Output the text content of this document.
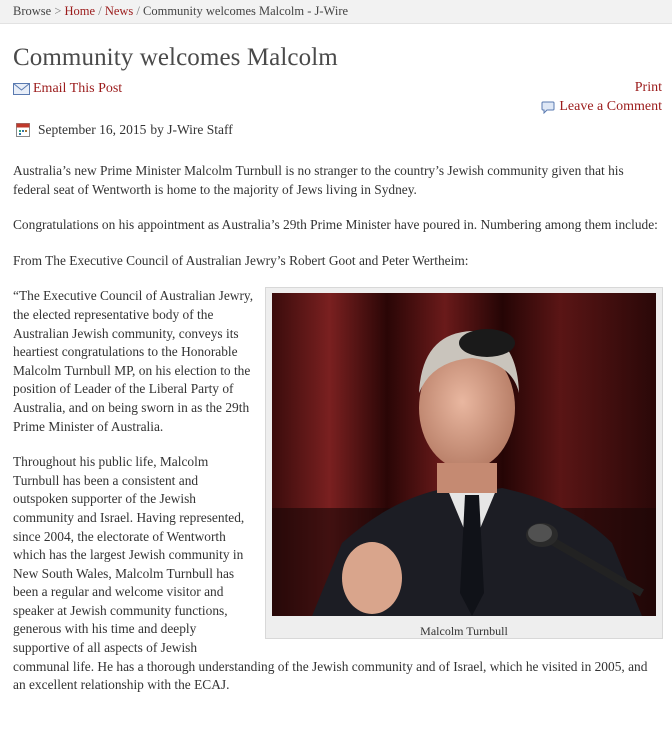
Browse > Home / News / Community welcomes Malcolm - J-Wire
Community welcomes Malcolm
Email This Post	Print
Leave a Comment
September 16, 2015 by J-Wire Staff

Australia’s new Prime Minister Malcolm Turnbull is no stranger to the country’s Jewish community given that his federal seat of Wentworth is home to the majority of Jews living in Sydney.

Congratulations on his appointment as Australia’s 29th Prime Minister have poured in. Numbering among them include:

From The Executive Council of Australian Jewry’s Robert Goot and Peter Wertheim:

Malcolm Turnbull

“The Executive Council of Australian Jewry, the elected representative body of the Australian Jewish community, conveys its heartiest congratulations to the Honorable Malcolm Turnbull MP, on his election to the position of Leader of the Liberal Party of Australia, and on being sworn in as the 29th Prime Minister of Australia.

Throughout his public life, Malcolm Turnbull has been a consistent and outspoken supporter of the Jewish community and Israel. Having represented, since 2004, the electorate of Wentworth which has the largest Jewish community in New South Wales, Malcolm Turnbull has been a regular and welcome visitor and speaker at Jewish community functions, generous with his time and deeply supportive of all aspects of Jewish communal life. He has a thorough understanding of the Jewish community and of Israel, which he visited in 2005, and an excellent relationship with the ECAJ.
